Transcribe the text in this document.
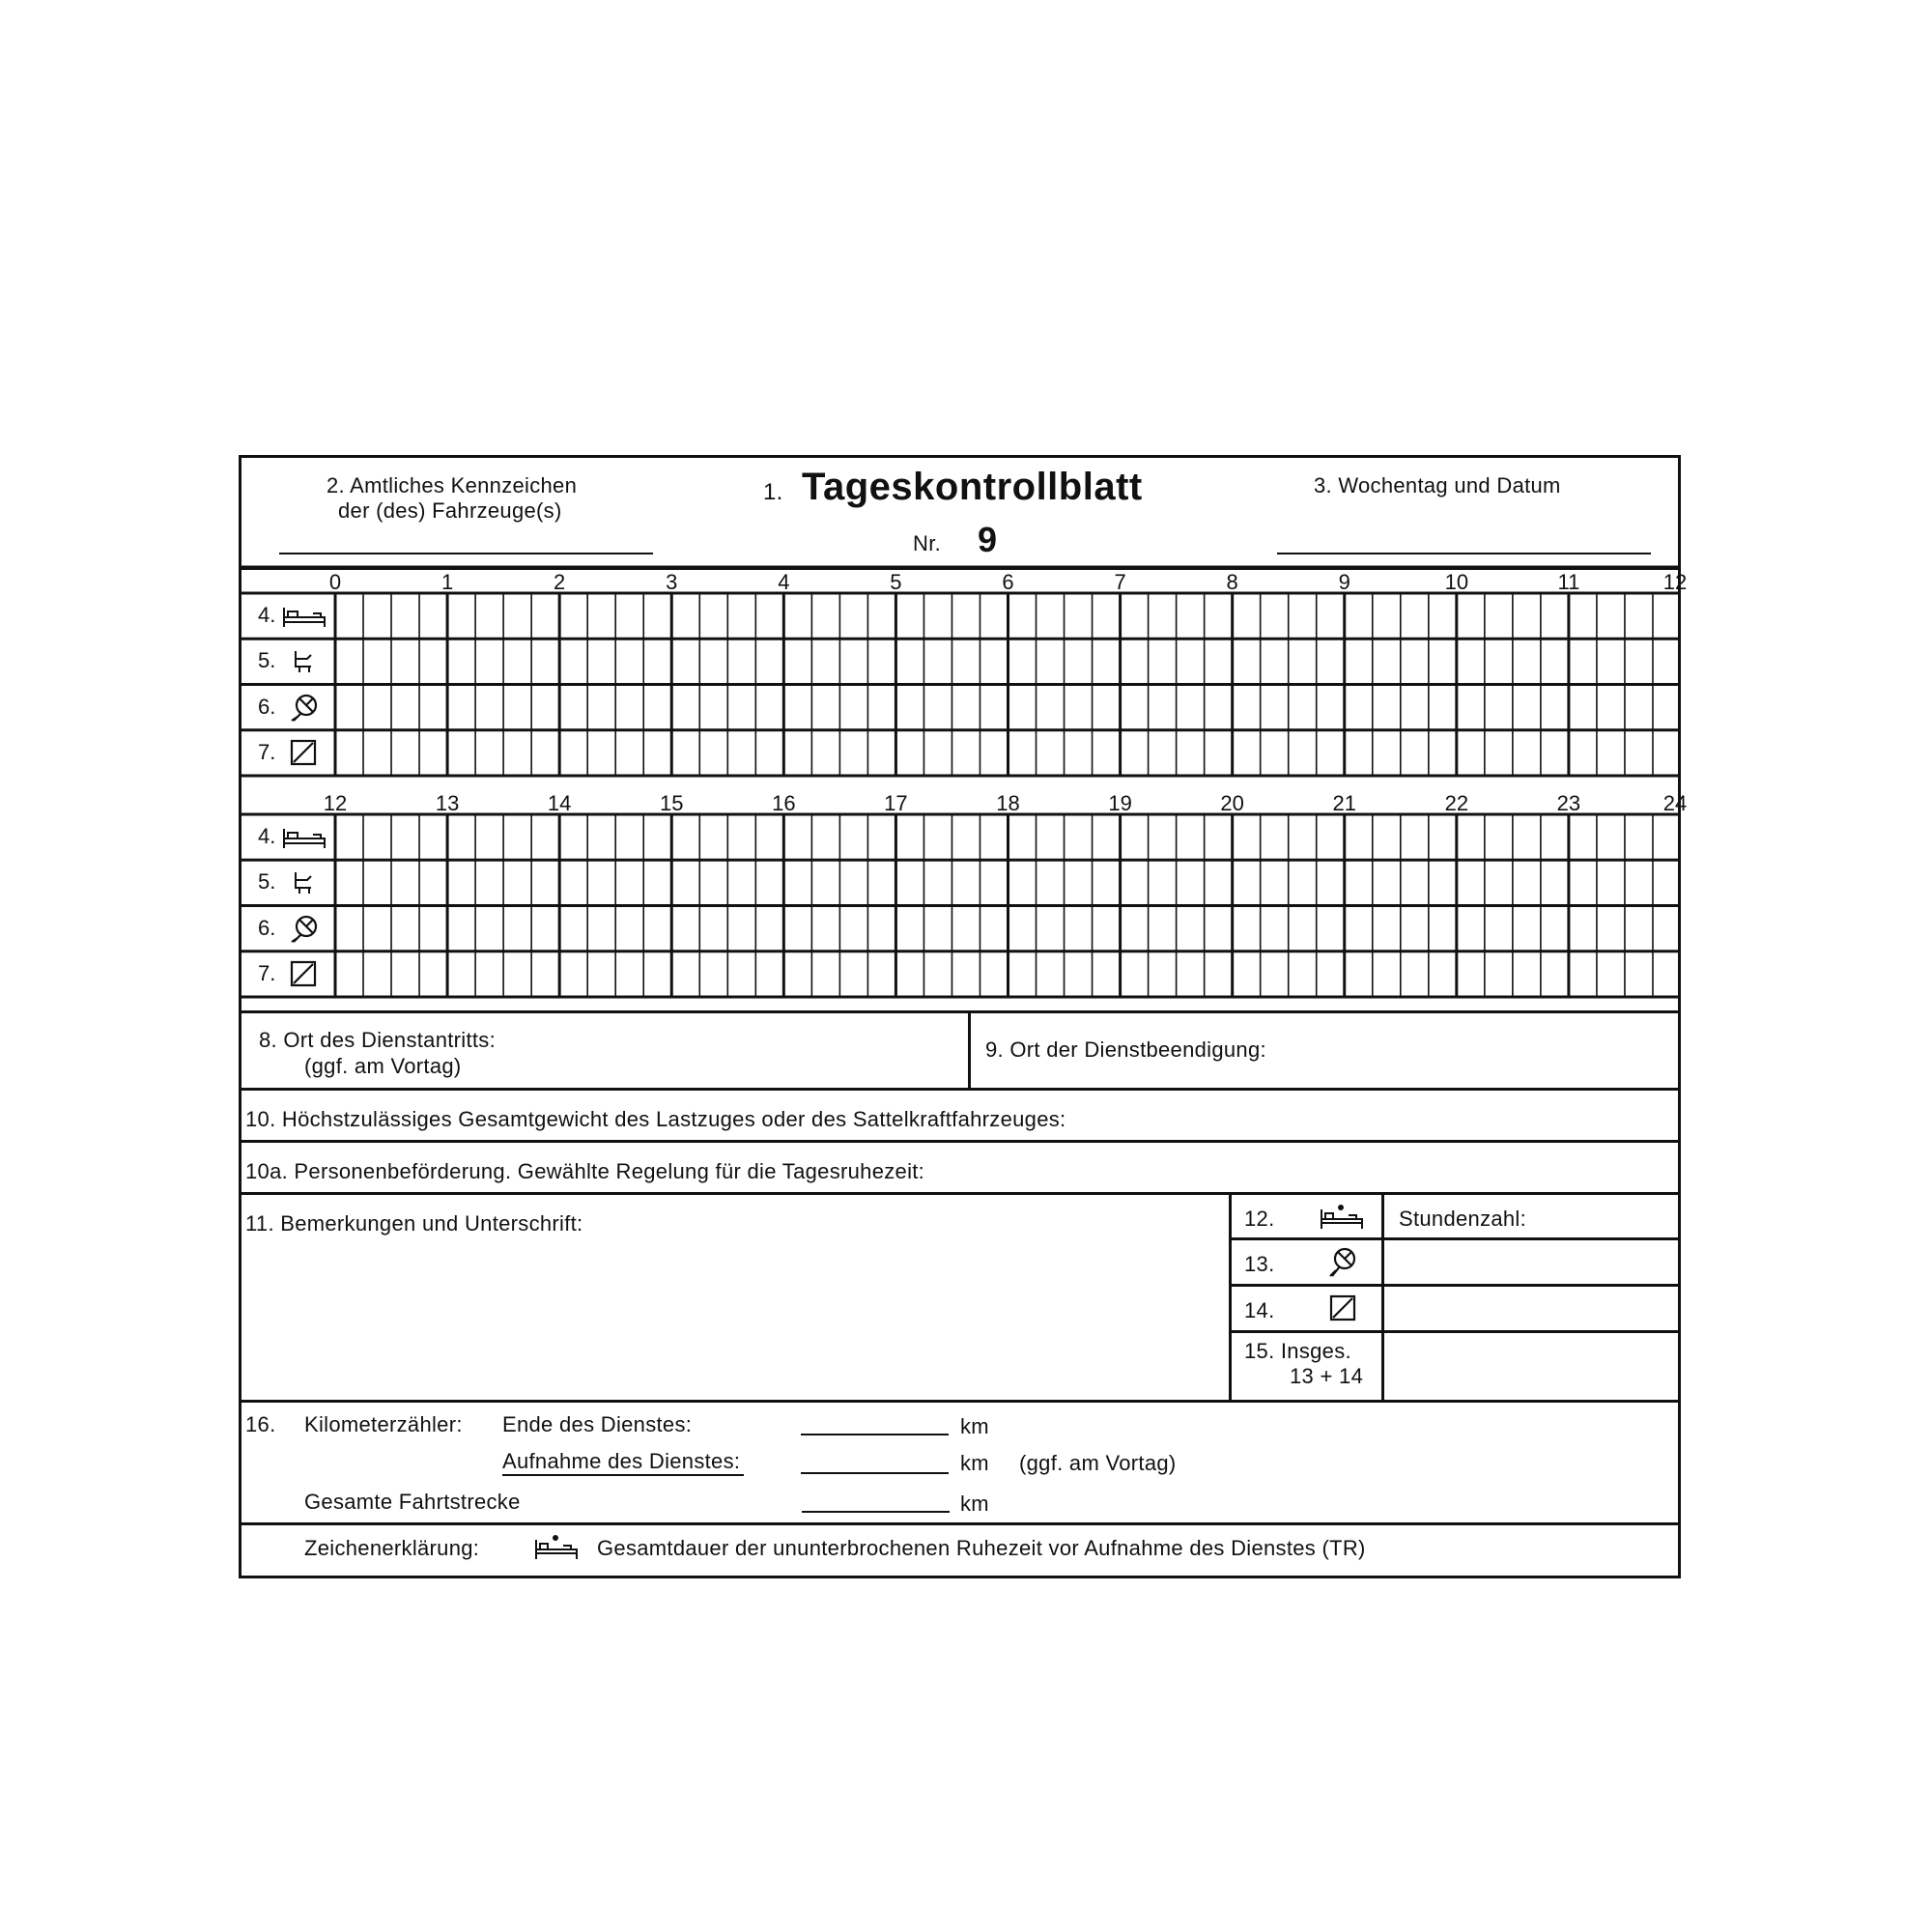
2. Amtliches Kennzeichen
der (des) Fahrzeuge(s)
1. Tageskontrollblatt
Nr. 9
3. Wochentag und Datum
0	1	2	3	4	5	6	7	8	9	10	11	12
12	13	14	15	16	17	18	19	20	21	22	23	24
4.
5.
6.
7.
4.
5.
6.
7.
8. Ort des Dienstantritts:
(ggf. am Vortag)
9. Ort der Dienstbeendigung:
10. Höchstzulässiges Gesamtgewicht des Lastzuges oder des Sattelkraftfahrzeuges:
10a. Personenbeförderung. Gewählte Regelung für die Tagesruhezeit:
11. Bemerkungen und Unterschrift:	12.	Stundenzahl:
13.
14.
15. Insges.
13 + 14
16. Kilometerzähler: Ende des Dienstes:	km
Aufnahme des Dienstes:	km (ggf. am Vortag)
Gesamte Fahrtstrecke	km
Zeichenerklärung:	Gesamtdauer der ununterbrochenen Ruhezeit vor Aufnahme des Dienstes (TR)
